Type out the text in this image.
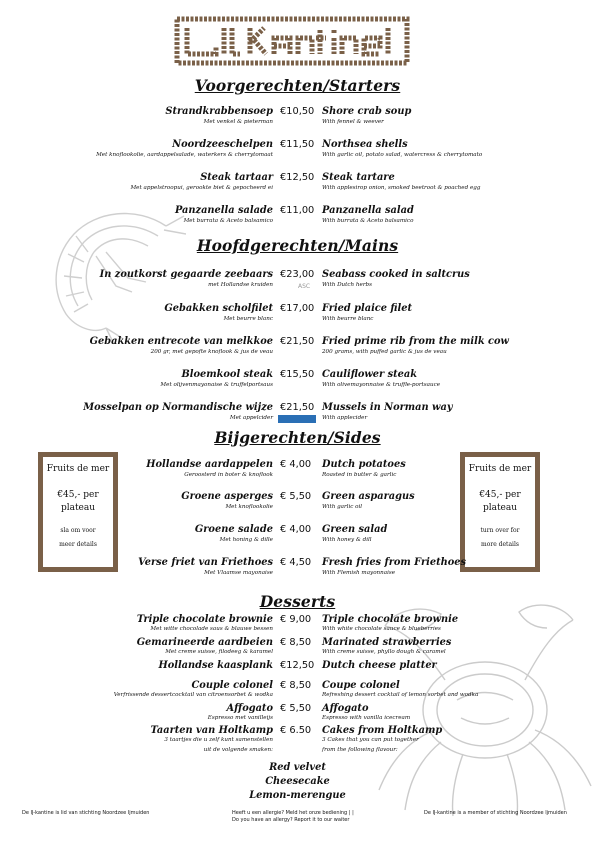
Voorgerechten/Starters
Hoofdgerechten/Mains
Bijgerechten/Sides
Desserts
Strandkrabbensoep
Met venkel & pieterman
€10,50 Shore crab soup
With fennel & weever
Noordzeeschelpen
Met knoflookolie, aardappelsalade, waterkers & cherrytomaat
€11,50 Northsea shells
With garlic oil, potato salad, watercress & cherrytomato
Steak tartaar
Met appelstroopui, gerookte biet & gepocheerd ei
€12,50 Steak tartare
With applesirop onion, smoked beetroot & poached egg
Panzanella salade
Met burrata & Aceto balsamico
€11,00 Panzanella salad
With burrata & Aceto balsamico
In zoutkorst gegaarde zeebaars
met Hollandse kruiden
€23,00 Seabass cooked in saltcrus
With Dutch herbs
ASC
Gebakken scholfilet
Met beurre blanc
€17,00 Fried plaice filet
With beurre blanc
Gebakken entrecote van melkkoe
200 gr, met gepofte knoflook & jus de veau
€21,50 Fried prime rib from the milk cow
200 grams, with puffed garlic & jus de veau
Bloemkool steak
Met olijvenmayonaise & truffelportsaus
€15,50 Cauliflower steak
With olivemayonnaise & truffle-portsauce
Mosselpan op Normandische wijze
Met appelcider
€21,50 Mussels in Norman way
With applecider
Fruits de mer
€45,- per
plateau
sla om voor
meer details
Fruits de mer
€45,- per
plateau
turn over for
more details
Hollandse aardappelen
Geroosterd in boter & knoflook
€ 4,00 Dutch potatoes
Roasted in butter & garlic
Groene asperges
Met knoflookolie
€ 5,50 Green asparagus
With garlic oil
Groene salade
Met honing & dille
€ 4,00 Green salad
With honey & dill
Verse friet van Friethoes
Met Vlaamse mayonaise
€ 4,50 Fresh fries from Friethoes
With Flemish mayonnaise
Triple chocolate brownie
Met witte chocolade saus & blauwe bessen
€ 9,00 Triple chocolate brownie
With white chocolate sauce & blueberries
Gemarineerde aardbeien
Met creme suisse, filodeeg & karamel
€ 8,50 Marinated strawberries
With creme suisse, phyllo dough & caramel
Hollandse kaasplank €12,50 Dutch cheese platter
Couple colonel
Verfrissende dessertcocktail van citroensorbet & wodka
€ 8,50 Coupe colonel
Refreshing dessert cocktail of lemon sorbet and wodka
Affogato
Espresso met vanilleijs
€ 5,50 Affogato
Espresso with vanilla icecream
Taarten van Holtkamp
3 taartjes die u zelf kunt samenstellen
uit de volgende smaken:
€ 6.50 Cakes from Holtkamp
3 Cakes that you can put together
from the following flavour:
Red velvet
Cheesecake
Lemon-merengue
De IJ-kantine is lid van stichting Noordzee Ijmuiden	Heeft u een allergie? Meld het onze bediening | |
Do you have an allergy? Report it to our waiter
De IJ-kantine is a member of stichting Noordzee Ijmuiden
